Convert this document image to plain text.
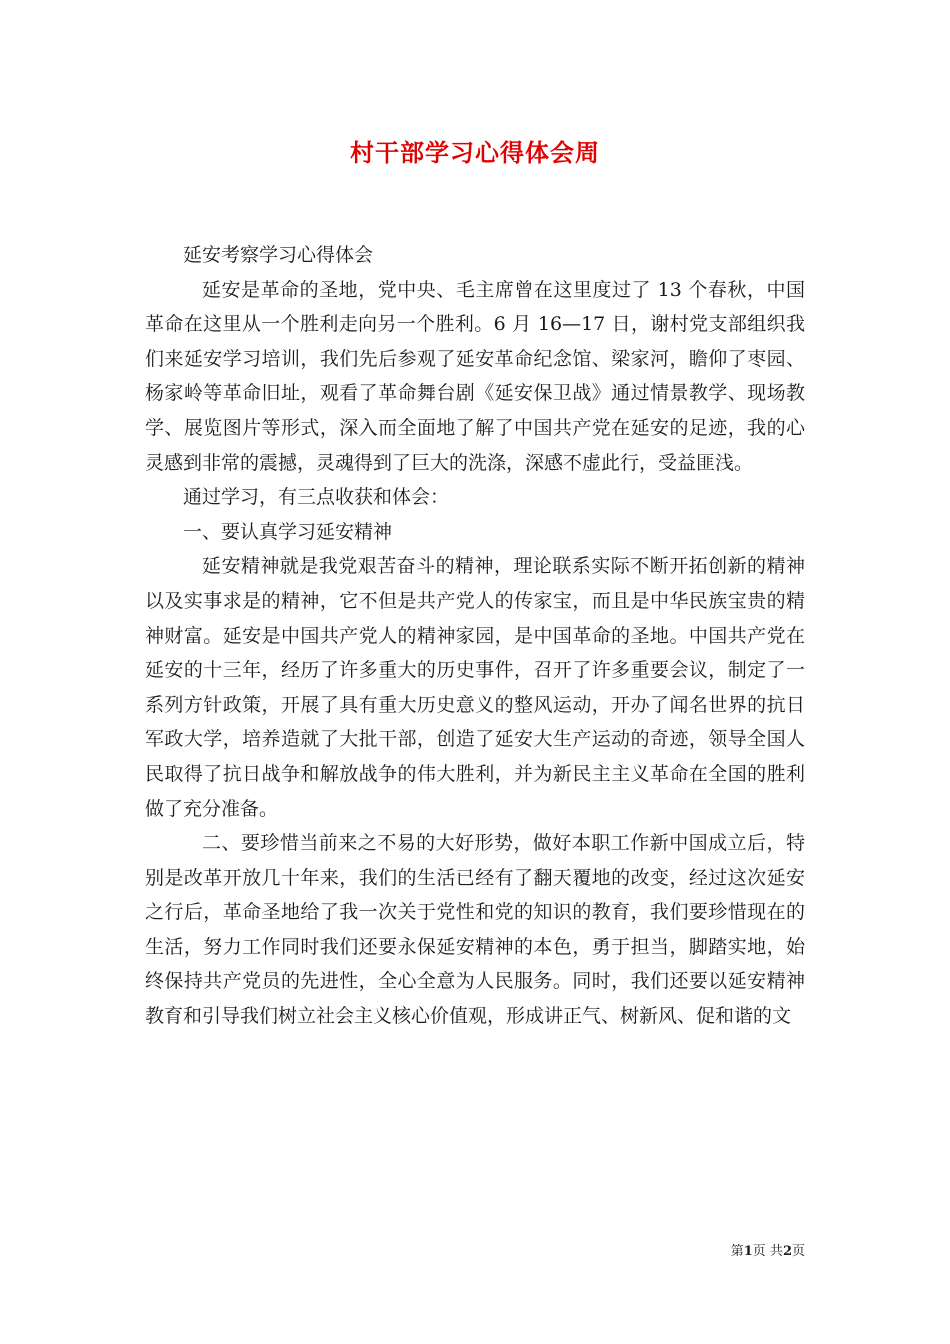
村干部学习心得体会周

延安考察学习心得体会

延安是革命的圣地，党中央、毛主席曾在这里度过了 13 个春秋，中国革命在这里从一个胜利走向另一个胜利。6 月 16—17 日，谢村党支部组织我们来延安学习培训，我们先后参观了延安革命纪念馆、梁家河，瞻仰了枣园、杨家岭等革命旧址，观看了革命舞台剧《延安保卫战》通过情景教学、现场教学、展览图片等形式，深入而全面地了解了中国共产党在延安的足迹，我的心灵感到非常的震撼，灵魂得到了巨大的洗涤，深感不虚此行，受益匪浅。

通过学习，有三点收获和体会：

一、要认真学习延安精神

延安精神就是我党艰苦奋斗的精神，理论联系实际不断开拓创新的精神以及实事求是的精神，它不但是共产党人的传家宝，而且是中华民族宝贵的精神财富。延安是中国共产党人的精神家园，是中国革命的圣地。中国共产党在延安的十三年，经历了许多重大的历史事件，召开了许多重要会议，制定了一系列方针政策，开展了具有重大历史意义的整风运动，开办了闻名世界的抗日军政大学，培养造就了大批干部，创造了延安大生产运动的奇迹，领导全国人民取得了抗日战争和解放战争的伟大胜利，并为新民主主义革命在全国的胜利做了充分准备。

二、要珍惜当前来之不易的大好形势，做好本职工作新中国成立后，特别是改革开放几十年来，我们的生活已经有了翻天覆地的改变，经过这次延安之行后，革命圣地给了我一次关于党性和党的知识的教育，我们要珍惜现在的生活，努力工作同时我们还要永保延安精神的本色，勇于担当，脚踏实地，始终保持共产党员的先进性，全心全意为人民服务。同时，我们还要以延安精神教育和引导我们树立社会主义核心价值观，形成讲正气、树新风、促和谐的文

第1页 共2页
